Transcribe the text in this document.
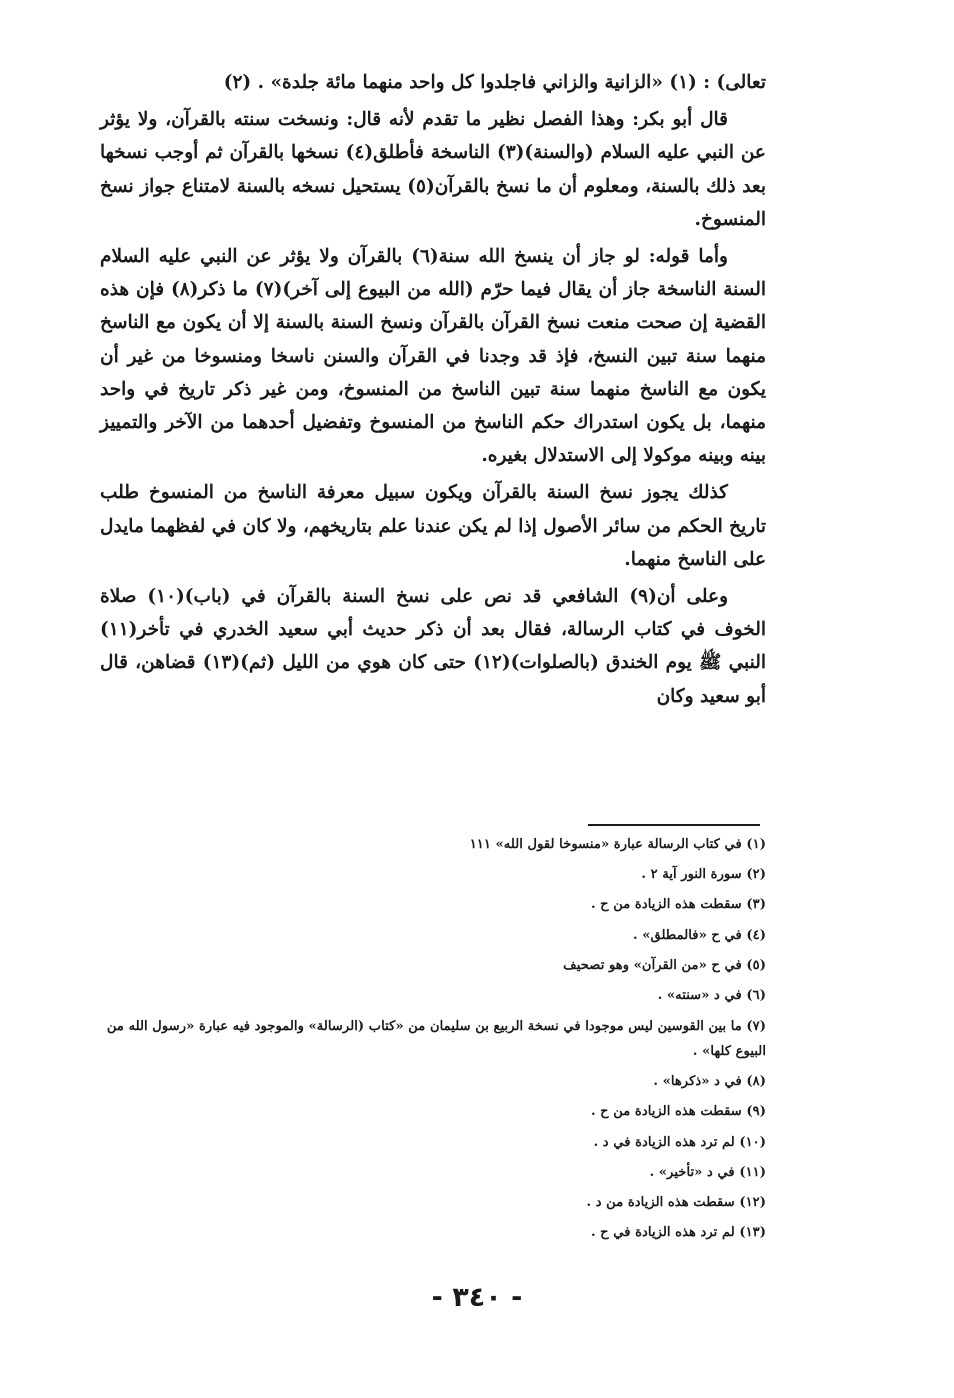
تعالى) : (١) «الزانية والزاني فاجلدوا كل واحد منهما مائة جلدة» . (٢)

قال أبو بكر: وهذا الفصل نظير ما تقدم لأنه قال: ونسخت سنته بالقرآن، ولا يؤثر عن النبي عليه السلام (والسنة)(٣) الناسخة فأطلق(٤) نسخها بالقرآن ثم أوجب نسخها بعد ذلك بالسنة، ومعلوم أن ما نسخ بالقرآن(٥) يستحيل نسخه بالسنة لامتناع جواز نسخ المنسوخ.

وأما قوله: لو جاز أن ينسخ الله سنة(٦) بالقرآن ولا يؤثر عن النبي عليه السلام السنة الناسخة جاز أن يقال فيما حرّم (الله من البيوع إلى آخر)(٧) ما ذكر(٨) فإن هذه القضية إن صحت منعت نسخ القرآن بالقرآن ونسخ السنة بالسنة إلا أن يكون مع الناسخ منهما سنة تبين النسخ، فإذ قد وجدنا في القرآن والسنن ناسخا ومنسوخا من غير أن يكون مع الناسخ منهما سنة تبين الناسخ من المنسوخ، ومن غير ذكر تاريخ في واحد منهما، بل يكون استدراك حكم الناسخ من المنسوخ وتفضيل أحدهما من الآخر والتمييز بينه وبينه موكولا إلى الاستدلال بغيره.

كذلك يجوز نسخ السنة بالقرآن ويكون سبيل معرفة الناسخ من المنسوخ طلب تاريخ الحكم من سائر الأصول إذا لم يكن عندنا علم بتاريخهم، ولا كان في لفظهما مايدل على الناسخ منهما.

وعلى أن(٩) الشافعي قد نص على نسخ السنة بالقرآن في (باب)(١٠) صلاة الخوف في كتاب الرسالة، فقال بعد أن ذكر حديث أبي سعيد الخدري في تأخر(١١) النبي ﷺ يوم الخندق (بالصلوات)(١٢) حتى كان هوي من الليل (ثم)(١٣) قضاهن، قال أبو سعيد وكان

(١) في كتاب الرسالة عبارة «منسوخا لقول الله» ١١١
(٢) سورة النور آية ٢ .
(٣) سقطت هذه الزيادة من ح .
(٤) في ح «فالمطلق» .
(٥) في ح «من القرآن» وهو تصحيف
(٦) في د «سنته» .
(٧) ما بين القوسين ليس موجودا في نسخة الربيع بن سليمان من «كتاب (الرسالة» والموجود فيه عبارة «رسول الله من البيوع كلها» .
(٨) في د «ذكرها» .
(٩) سقطت هذه الزيادة من ح .
(١٠) لم ترد هذه الزيادة في د .
(١١) في د «تأخير» .
(١٢) سقطت هذه الزيادة من د .
(١٣) لم ترد هذه الزيادة في ح .
- ٣٤٠ -
